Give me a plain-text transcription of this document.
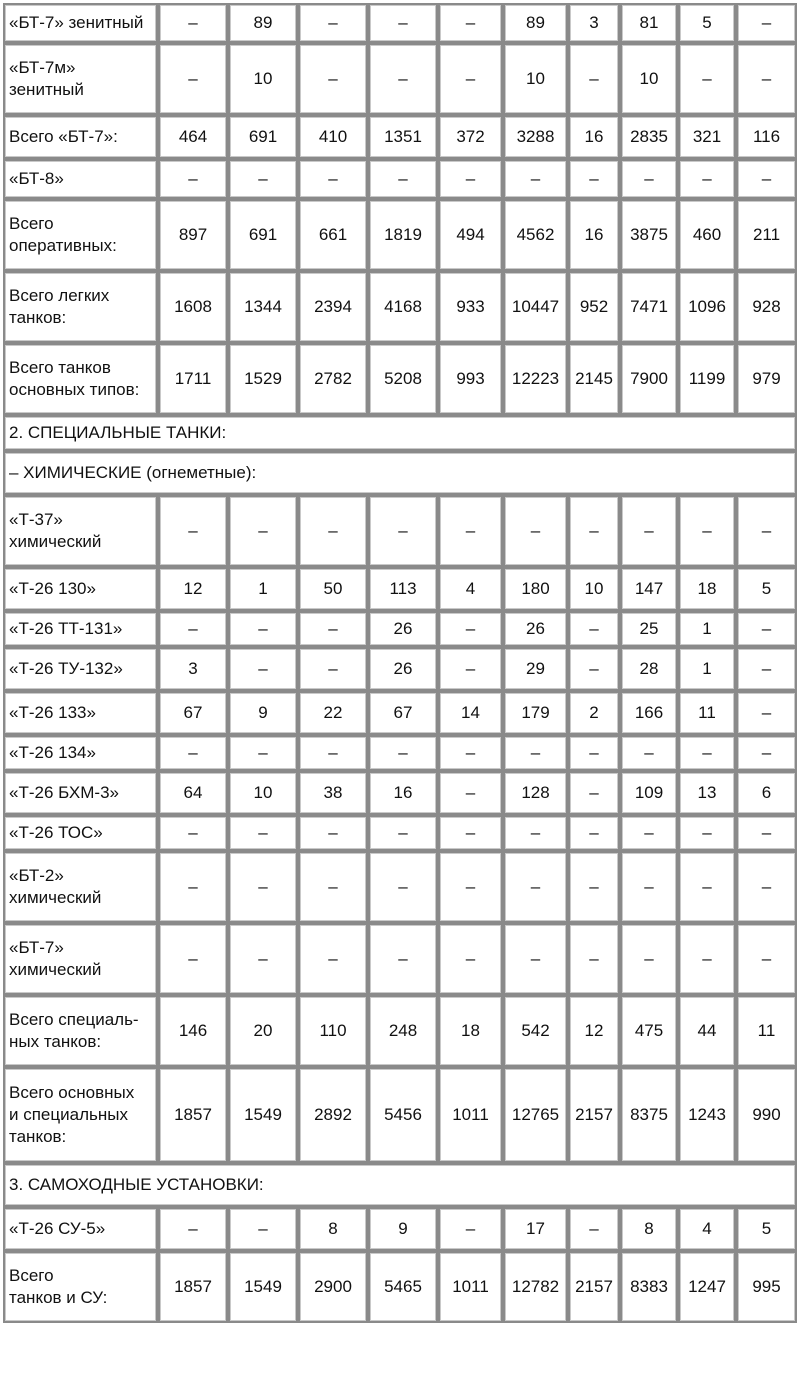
«БТ-7» зенитный	–	89	–	–	–	89	3	81	5	–

«БТ-7м»
зенитный	–	10	–	–	–	10	–	10	–	–

Всего «БТ-7»:	464	691	410	1351	372	3288	16	2835	321	116

«БТ-8»	–	–	–	–	–	–	–	–	–	–

Всего
оперативных:	897	691	661	1819	494	4562	16	3875	460	211

Всего легких
танков:	1608	1344	2394	4168	933	10447	952	7471	1096	928

Всего танков
основных типов:	1711	1529	2782	5208	993	12223	2145	7900	1199	979
2. СПЕЦИАЛЬНЫЕ ТАНКИ:										
– ХИМИЧЕСКИЕ (огнеметные):										

«Т-37»
химический	–	–	–	–	–	–	–	–	–	–

«Т-26 130»	12	1	50	113	4	180	10	147	18	5

«Т-26 ТТ-131»	–	–	–	26	–	26	–	25	1	–

«Т-26 ТУ-132»	3	–	–	26	–	29	–	28	1	–

«Т-26 133»	67	9	22	67	14	179	2	166	11	–

«Т-26 134»	–	–	–	–	–	–	–	–	–	–

«Т-26 БХМ-3»	64	10	38	16	–	128	–	109	13	6

«Т-26 ТОС»	–	–	–	–	–	–	–	–	–	–

«БТ-2»
химический	–	–	–	–	–	–	–	–	–	–

«БТ-7»
химический	–	–	–	–	–	–	–	–	–	–

Всего специаль-
ных танков:	146	20	110	248	18	542	12	475	44	11

Всего основных
и специальных
танков:	1857	1549	2892	5456	1011	12765	2157	8375	1243	990
3. САМОХОДНЫЕ УСТАНОВКИ:										

«Т-26 СУ-5»	–	–	8	9	–	17	–	8	4	5

Всего
танков и СУ:	1857	1549	2900	5465	1011	12782	2157	8383	1247	995
